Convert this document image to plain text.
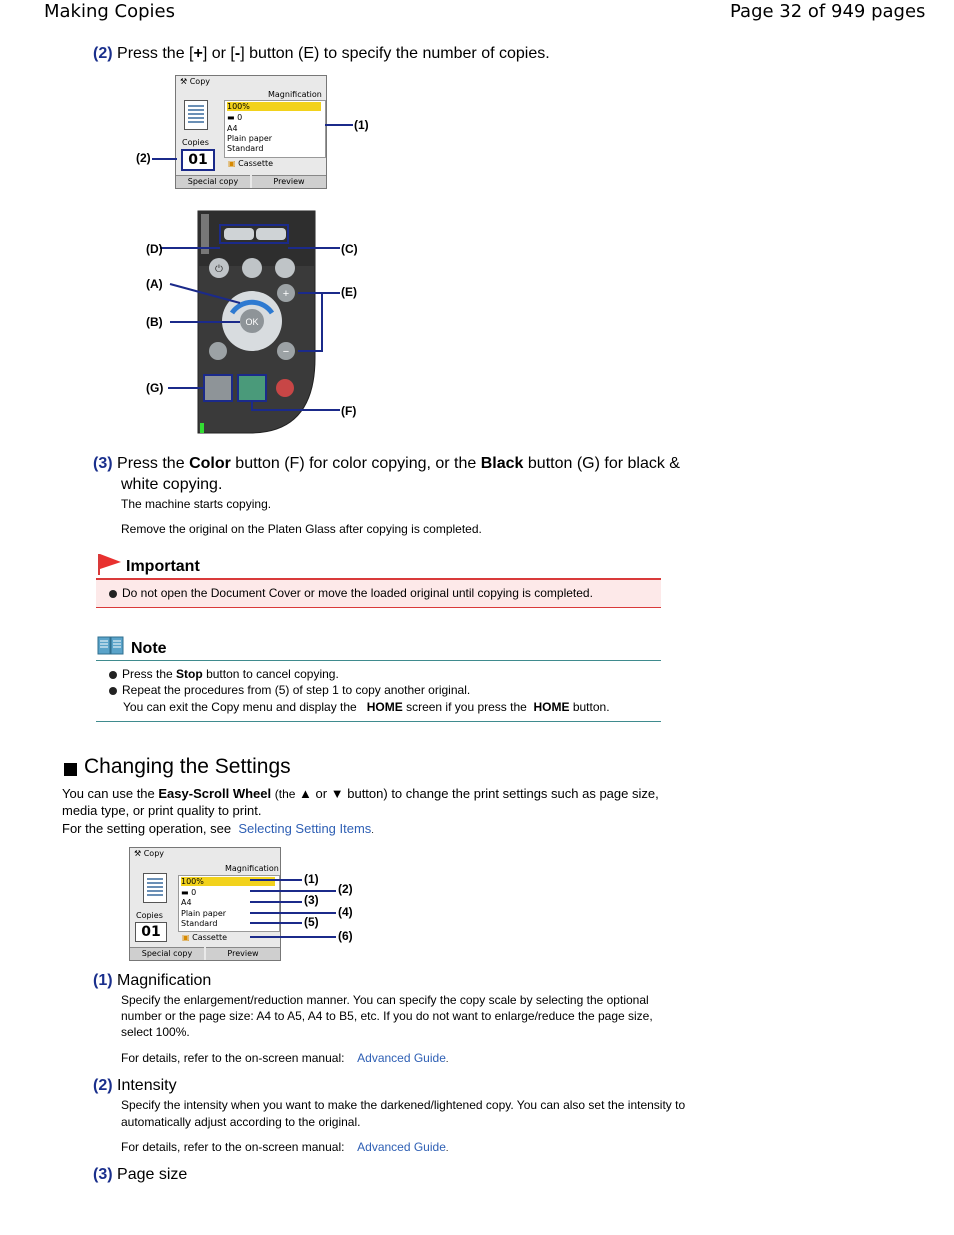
Making Copies	Page 32 of 949 pages
(2) Press the [+] or [-] button (E) to specify the number of copies.
⚒ Copy
Magnification
Copies
01
100%
▬ 0
A4
Plain paper
Standard
▣ Cassette
Special copy	Preview
(1)
(2)
⏻
OK
+
−
(D)	(C)
(A)
(E)
(B)
(G)
(F)
(3) Press the Color button (F) for color copying, or the Black button (G) for black &
white copying.
The machine starts copying.
Remove the original on the Platen Glass after copying is completed.
Important
Do not open the Document Cover or move the loaded original until copying is completed.
Note
Press the Stop button to cancel copying.
Repeat the procedures from (5) of step 1 to copy another original.
You can exit the Copy menu and display the HOME screen if you press the HOME button.
Changing the Settings
You can use the Easy-Scroll Wheel (the ▲ or ▼ button) to change the print settings such as page size,
media type, or print quality to print.
For the setting operation, see Selecting Setting Items.
⚒ Copy
Magnification
Copies
01
100%
▬ 0
A4
Plain paper
Standard
▣ Cassette
Special copy	Preview
(1)
(2)
(3)
(4)
(5)
(6)
(1) Magnification
Specify the enlargement/reduction manner. You can specify the copy scale by selecting the optional
number or the page size: A4 to A5, A4 to B5, etc. If you do not want to enlarge/reduce the page size,
select 100%.
For details, refer to the on-screen manual: Advanced Guide.
(2) Intensity
Specify the intensity when you want to make the darkened/lightened copy. You can also set the intensity to
automatically adjust according to the original.
For details, refer to the on-screen manual: Advanced Guide.
(3) Page size
